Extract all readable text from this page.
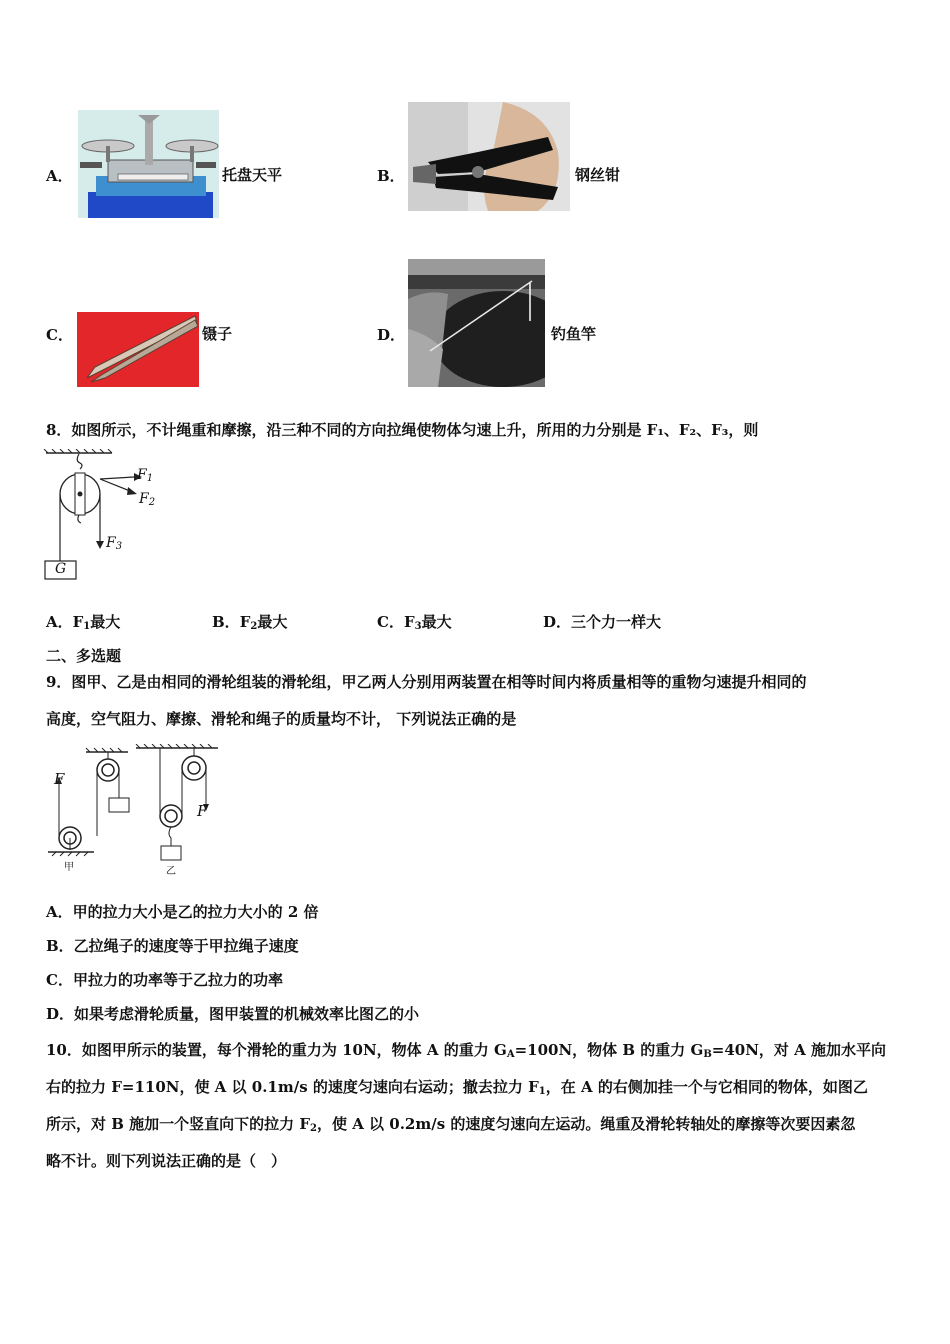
A．	托盘天平	B．	钢丝钳
C．	镊子	D．	钓鱼竿
8．如图所示，不计绳重和摩擦，沿三种不同的方向拉绳使物体匀速上升，所用的力分别是 F₁、F₂、F₃，则
$F_1$
$F_2$
$F_3$
G
A．$F_1$最大	B．$F_2$最大	C．$F_3$最大	D．三个力一样大
二、多选题
9．图甲、乙是由相同的滑轮组装的滑轮组，甲乙两人分别用两装置在相等时间内将质量相等的重物匀速提升相同的
高度，空气阻力、摩擦、滑轮和绳子的质量均不计， 下列说法正确的是
F
F
甲	乙
A．甲的拉力大小是乙的拉力大小的 2 倍
B．乙拉绳子的速度等于甲拉绳子速度
C．甲拉力的功率等于乙拉力的功率
D．如果考虑滑轮质量，图甲装置的机械效率比图乙的小
10．如图甲所示的装置，每个滑轮的重力为 10N，物体 A 的重力 $G_A=100N$，物体 B 的重力 $G_B=40N$，对 A 施加水平向
右的拉力 F=110N，使 A 以 0.1m/s 的速度匀速向右运动；撤去拉力 $F_1$，在 A 的右侧加挂一个与它相同的物体，如图乙
所示，对 B 施加一个竖直向下的拉力 $F_2$，使 A 以 0.2m/s 的速度匀速向左运动。绳重及滑轮转轴处的摩擦等次要因素忽
略不计。则下列说法正确的是（　）
